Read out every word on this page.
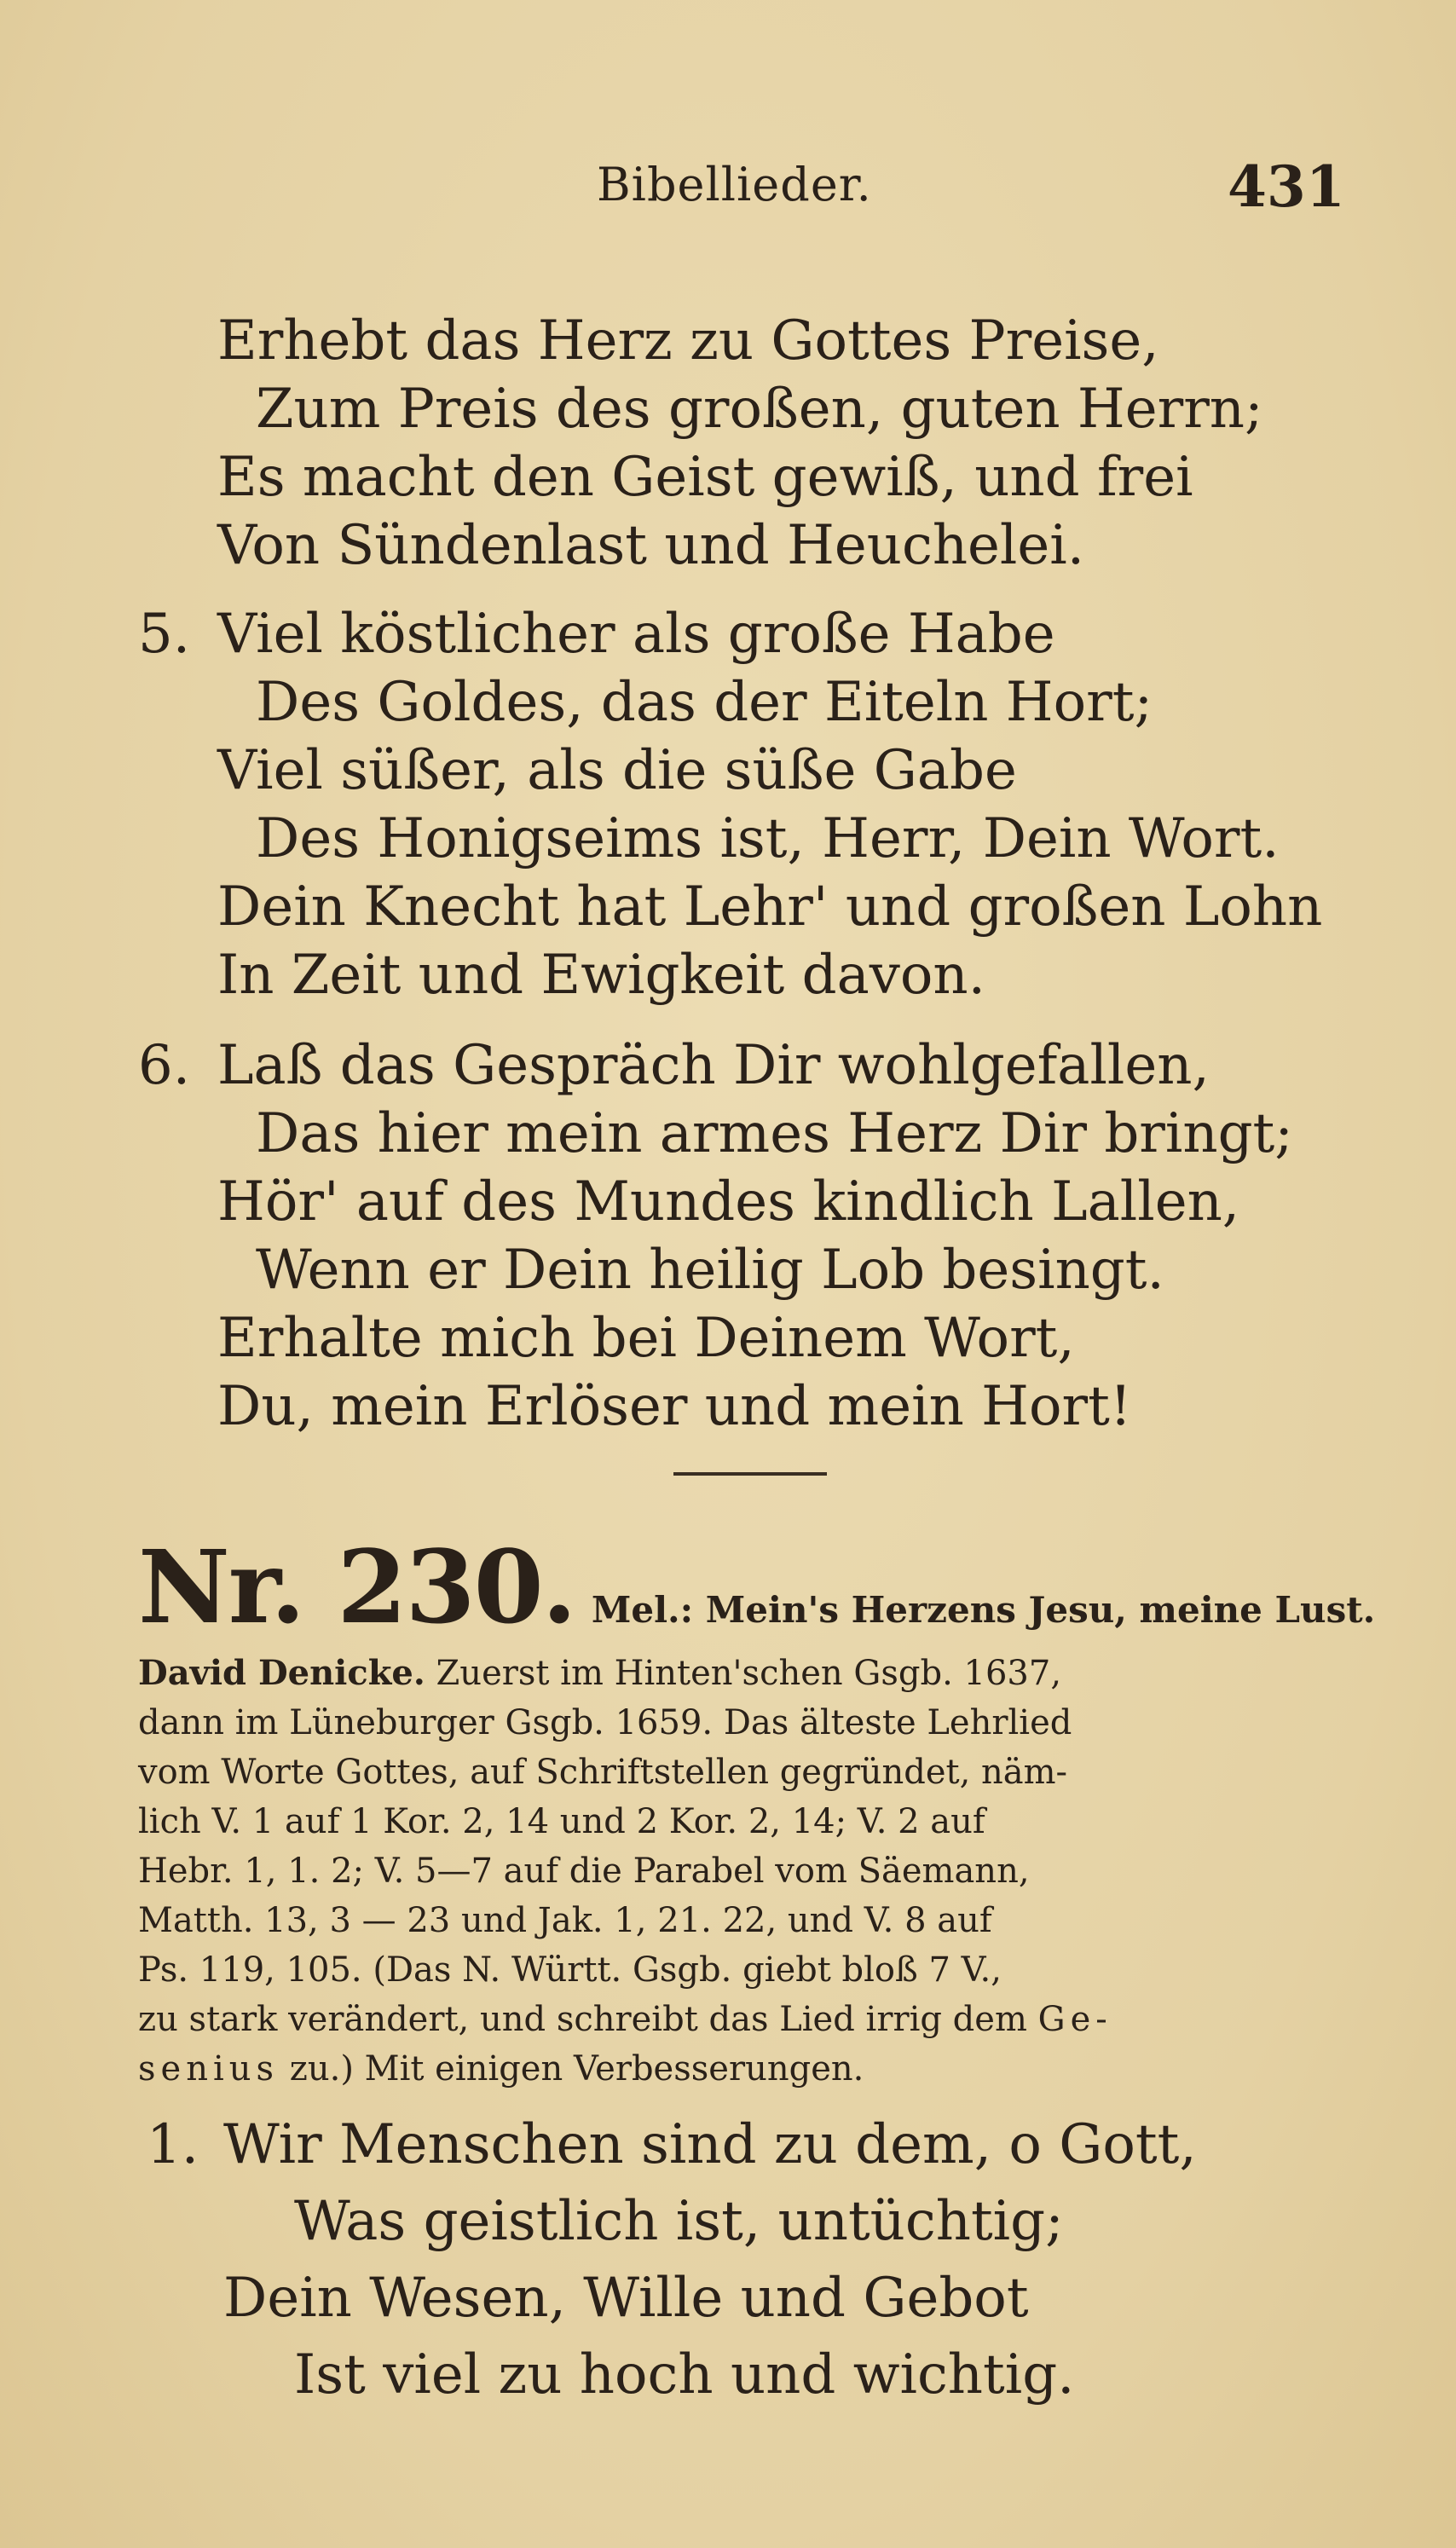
Bibellieder.	431
Erhebt das Herz zu Gottes Preise,
Zum Preis des großen, guten Herrn;
Es macht den Geist gewiß, und frei
Von Sündenlast und Heuchelei.
5. Viel köstlicher als große Habe
Des Goldes, das der Eiteln Hort;
Viel süßer, als die süße Gabe
Des Honigseims ist, Herr, Dein Wort.
Dein Knecht hat Lehr' und großen Lohn
In Zeit und Ewigkeit davon.
6. Laß das Gespräch Dir wohlgefallen,
Das hier mein armes Herz Dir bringt;
Hör' auf des Mundes kindlich Lallen,
Wenn er Dein heilig Lob besingt.
Erhalte mich bei Deinem Wort,
Du, mein Erlöser und mein Hort!
Nr. 230. Mel.: Mein's Herzens Jesu, meine Lust.

David Denicke. Zuerst im Hinten'schen Gsgb. 1637,

dann im Lüneburger Gsgb. 1659. Das älteste Lehrlied

vom Worte Gottes, auf Schriftstellen gegründet, näm-

lich V. 1 auf 1 Kor. 2, 14 und 2 Kor. 2, 14; V. 2 auf

Hebr. 1, 1. 2; V. 5—7 auf die Parabel vom Säemann,

Matth. 13, 3 — 23 und Jak. 1, 21. 22, und V. 8 auf

Ps. 119, 105. (Das N. Württ. Gsgb. giebt bloß 7 V.,

zu stark verändert, und schreibt das Lied irrig dem Ge-

senius zu.) Mit einigen Verbesserungen.

1. Wir Menschen sind zu dem, o Gott,
Was geistlich ist, untüchtig;
Dein Wesen, Wille und Gebot
Ist viel zu hoch und wichtig.
